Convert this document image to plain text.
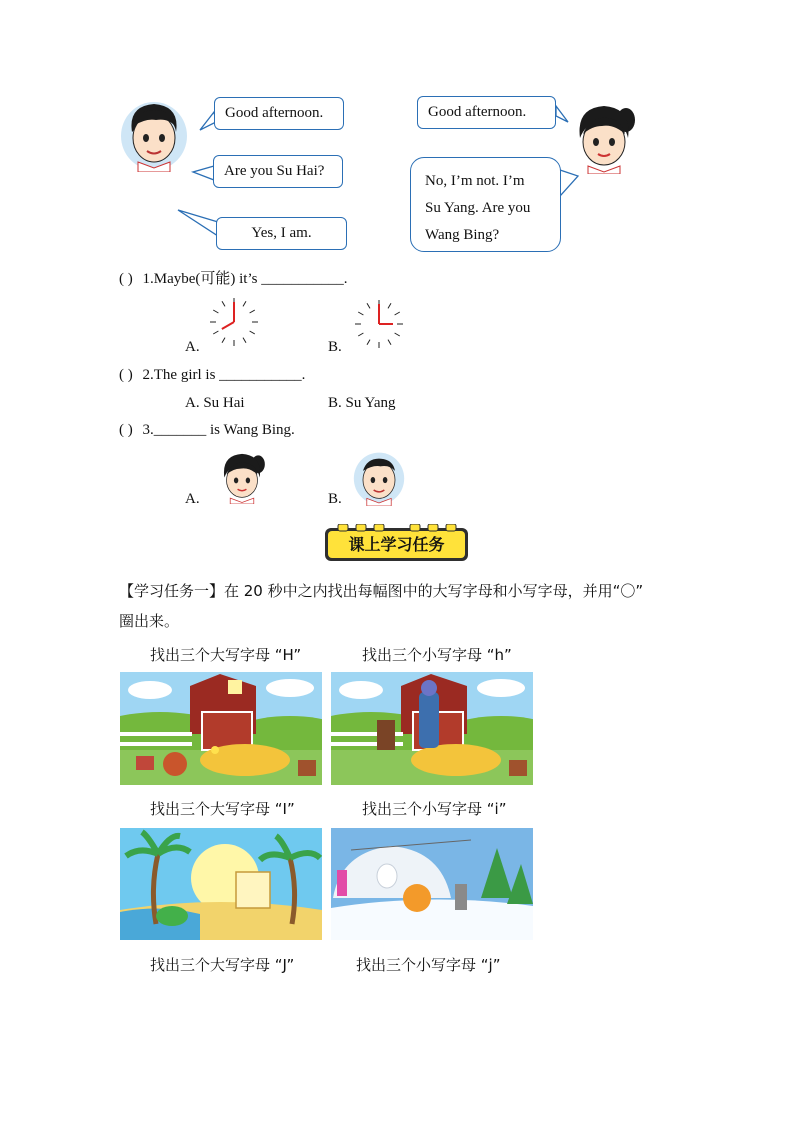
Good afternoon.
Are you Su Hai?
Yes, I am.
Good afternoon.
No, I’m not. I’m
Su Yang. Are you
Wang Bing?
( ) 1.Maybe(可能) it’s ___________.
A.	B.
( ) 2.The girl is ___________.
A. Su Hai	B. Su Yang
( ) 3._______ is Wang Bing.
A.	B.
课上学习任务
【学习任务一】在 20 秒中之内找出每幅图中的大写字母和小写字母，并用“〇”
圈出来。
找出三个大写字母 “H”	找出三个小写字母 “h”
找出三个大写字母 “I”	找出三个小写字母 “i”
找出三个大写字母 “J”	找出三个小写字母 “j”
